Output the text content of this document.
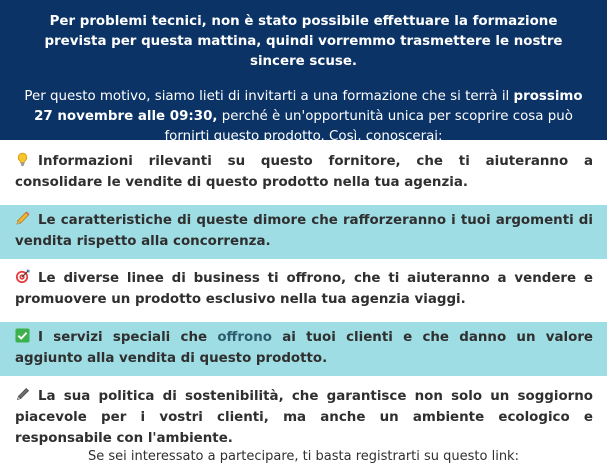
Per problemi tecnici, non è stato possibile effettuare la formazione prevista per questa mattina, quindi vorremmo trasmettere le nostre sincere scuse.

Per questo motivo, siamo lieti di invitarti a una formazione che si terrà il prossimo 27 novembre alle 09:30, perché è un'opportunità unica per scoprire cosa può fornirti questo prodotto. Così, conoscerai:

Informazioni rilevanti su questo fornitore, che ti aiuteranno a consolidare le vendite di questo prodotto nella tua agenzia.
Le caratteristiche di queste dimore che rafforzeranno i tuoi argomenti di vendita rispetto alla concorrenza.
Le diverse linee di business ti offrono, che ti aiuteranno a vendere e promuovere un prodotto esclusivo nella tua agenzia viaggi.
I servizi speciali che offrono ai tuoi clienti e che danno un valore aggiunto alla vendita di questo prodotto.
La sua politica di sostenibilità, che garantisce non solo un soggiorno piacevole per i vostri clienti, ma anche un ambiente ecologico e responsabile con l'ambiente.
Se sei interessato a partecipare, ti basta registrarti su questo link:
